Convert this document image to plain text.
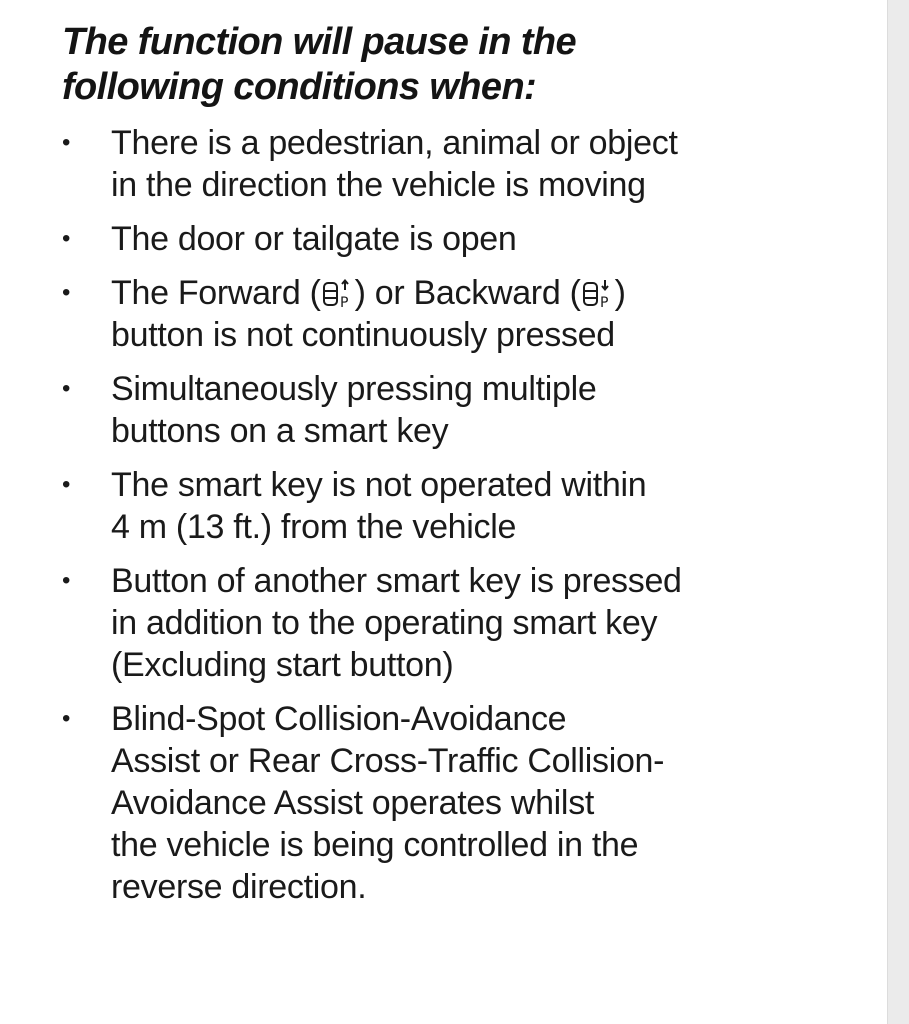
The function will pause in the
following conditions when:
• There is a pedestrian, animal or object
in the direction the vehicle is moving
• The door or tailgate is open
• The Forward ( P ) or Backward ( P )
button is not continuously pressed
• Simultaneously pressing multiple
buttons on a smart key
• The smart key is not operated within
4 m (13 ft.) from the vehicle
• Button of another smart key is pressed
in addition to the operating smart key
(Excluding start button)
• Blind-Spot Collision-Avoidance
Assist or Rear Cross-Traffic Collision-
Avoidance Assist operates whilst
the vehicle is being controlled in the
reverse direction.
